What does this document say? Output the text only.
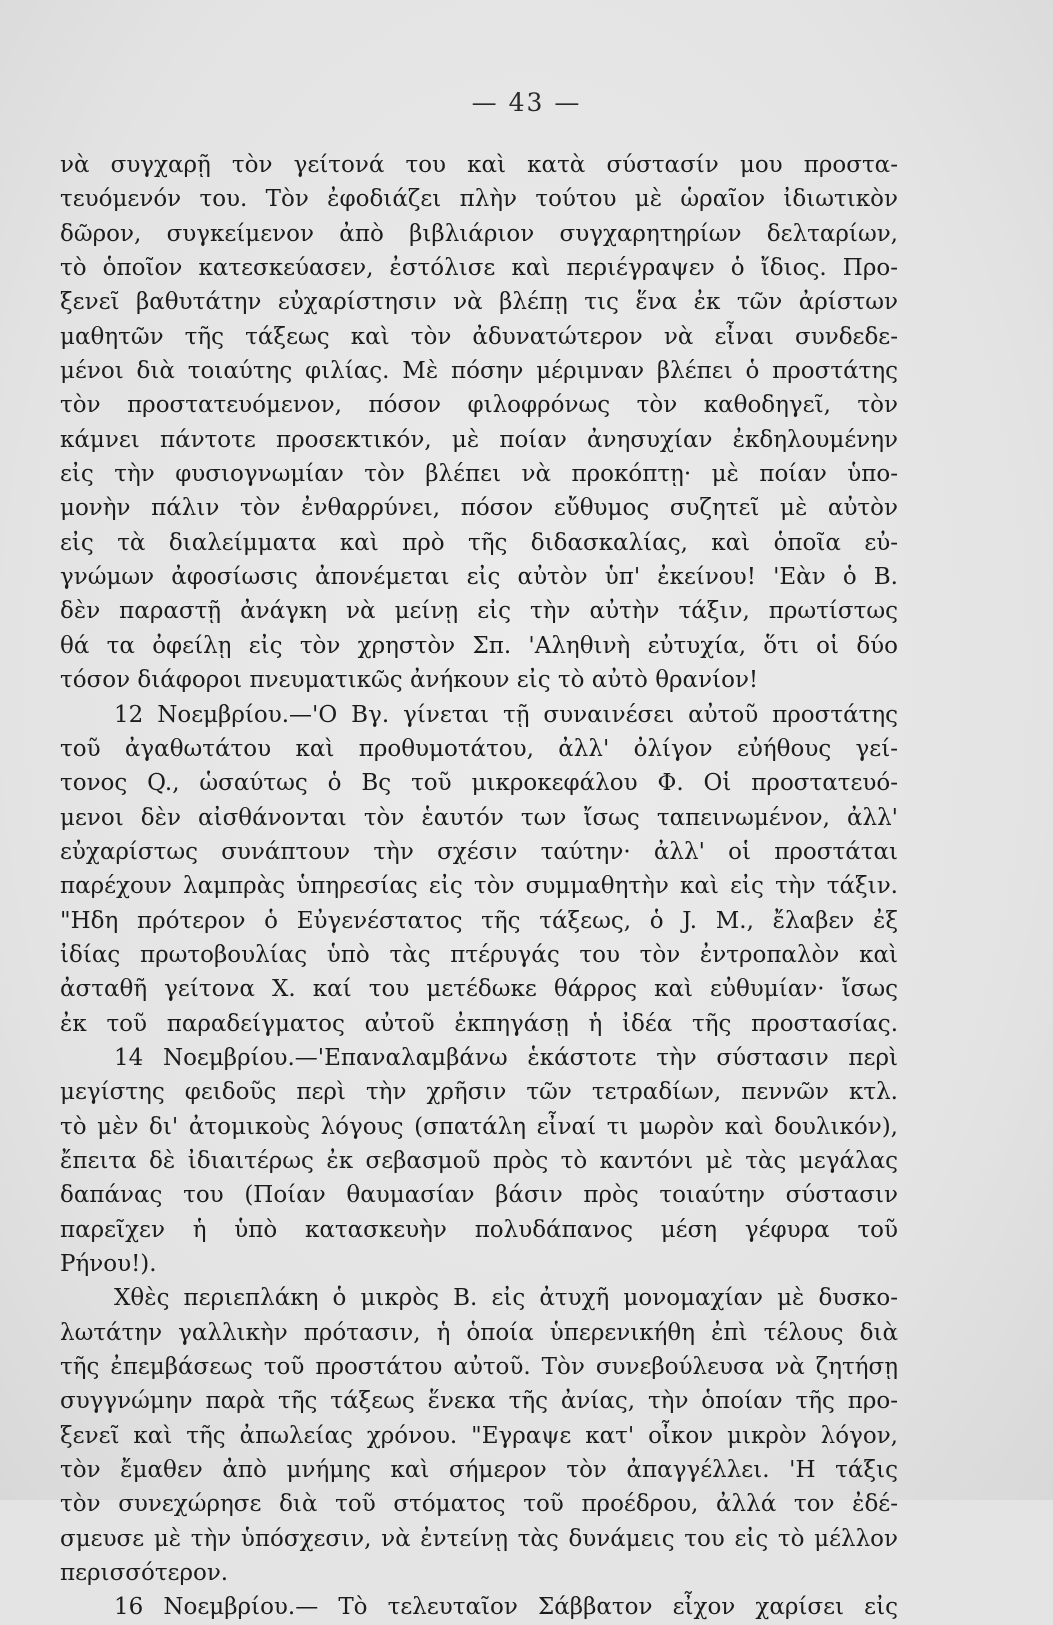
— 43 —
νὰ συγχαρῇ τὸν γείτονά του καὶ κατὰ σύστασίν μου προστα-
τευόμενόν του. Τὸν ἐφοδιάζει πλὴν τούτου μὲ ὡραῖον ἰδιωτικὸν
δῶρον, συγκείμενον ἀπὸ βιβλιάριον συγχαρητηρίων δελταρίων,
τὸ ὁποῖον κατεσκεύασεν, ἐστόλισε καὶ περιέγραψεν ὁ ἴδιος. Προ-
ξενεῖ βαθυτάτην εὐχαρίστησιν νὰ βλέπῃ τις ἕνα ἐκ τῶν ἀρίστων
μαθητῶν τῆς τάξεως καὶ τὸν ἀδυνατώτερον νὰ εἶναι συνδεδε-
μένοι διὰ τοιαύτης φιλίας. Μὲ πόσην μέριμναν βλέπει ὁ προστάτης
τὸν προστατευόμενον, πόσον φιλοφρόνως τὸν καθοδηγεῖ, τὸν
κάμνει πάντοτε προσεκτικόν, μὲ ποίαν ἀνησυχίαν ἐκδηλουμένην
εἰς τὴν φυσιογνωμίαν τὸν βλέπει νὰ προκόπτῃ· μὲ ποίαν ὑπο-
μονὴν πάλιν τὸν ἐνθαρρύνει, πόσον εὔθυμος συζητεῖ μὲ αὐτὸν
εἰς τὰ διαλείμματα καὶ πρὸ τῆς διδασκαλίας, καὶ ὁποῖα εὐ-
γνώμων ἀφοσίωσις ἀπονέμεται εἰς αὐτὸν ὑπ' ἐκείνου! 'Εὰν ὁ Β.
δὲν παραστῇ ἀνάγκη νὰ μείνῃ εἰς τὴν αὐτὴν τάξιν, πρωτίστως
θά τα ὀφείλῃ εἰς τὸν χρηστὸν Σπ. 'Αληθινὴ εὐτυχία, ὅτι οἱ δύο
τόσον διάφοροι πνευματικῶς ἀνήκουν εἰς τὸ αὐτὸ θρανίον!
12 Νοεμβρίου.—'Ο Βγ. γίνεται τῇ συναινέσει αὐτοῦ προστάτης
τοῦ ἀγαθωτάτου καὶ προθυμοτάτου, ἀλλ' ὀλίγον εὐήθους γεί-
τονος Q., ὡσαύτως ὁ Βς τοῦ μικροκεφάλου Φ. Οἱ προστατευό-
μενοι δὲν αἰσθάνονται τὸν ἑαυτόν των ἴσως ταπεινωμένον, ἀλλ'
εὐχαρίστως συνάπτουν τὴν σχέσιν ταύτην· ἀλλ' οἱ προστάται
παρέχουν λαμπρὰς ὑπηρεσίας εἰς τὸν συμμαθητὴν καὶ εἰς τὴν τάξιν.
"Ηδη πρότερον ὁ Εὐγενέστατος τῆς τάξεως, ὁ J. Μ., ἔλαβεν ἐξ
ἰδίας πρωτοβουλίας ὑπὸ τὰς πτέρυγάς του τὸν ἐντροπαλὸν καὶ
ἀσταθῆ γείτονα Χ. καί του μετέδωκε θάρρος καὶ εὐθυμίαν· ἴσως
ἐκ τοῦ παραδείγματος αὐτοῦ ἐκπηγάσῃ ἡ ἰδέα τῆς προστασίας.
14 Νοεμβρίου.—'Επαναλαμβάνω ἑκάστοτε τὴν σύστασιν περὶ
μεγίστης φειδοῦς περὶ τὴν χρῆσιν τῶν τετραδίων, πεννῶν κτλ.
τὸ μὲν δι' ἀτομικοὺς λόγους (σπατάλη εἶναί τι μωρὸν καὶ δουλικόν),
ἔπειτα δὲ ἰδιαιτέρως ἐκ σεβασμοῦ πρὸς τὸ καντόνι μὲ τὰς μεγάλας
δαπάνας του (Ποίαν θαυμασίαν βάσιν πρὸς τοιαύτην σύστασιν
παρεῖχεν ἡ ὑπὸ κατασκευὴν πολυδάπανος μέση γέφυρα τοῦ
Ρήνου!).
Χθὲς περιεπλάκη ὁ μικρὸς Β. εἰς ἀτυχῆ μονομαχίαν μὲ δυσκο-
λωτάτην γαλλικὴν πρότασιν, ἡ ὁποία ὑπερενικήθη ἐπὶ τέλους διὰ
τῆς ἐπεμβάσεως τοῦ προστάτου αὐτοῦ. Τὸν συνεβούλευσα νὰ ζητήσῃ
συγγνώμην παρὰ τῆς τάξεως ἕνεκα τῆς ἀνίας, τὴν ὁποίαν τῆς προ-
ξενεῖ καὶ τῆς ἀπωλείας χρόνου. "Εγραψε κατ' οἶκον μικρὸν λόγον,
τὸν ἔμαθεν ἀπὸ μνήμης καὶ σήμερον τὸν ἀπαγγέλλει. 'Η τάξις
τὸν συνεχώρησε διὰ τοῦ στόματος τοῦ προέδρου, ἀλλά τον ἐδέ-
σμευσε μὲ τὴν ὑπόσχεσιν, νὰ ἐντείνῃ τὰς δυνάμεις του εἰς τὸ μέλλον
περισσότερον.
16 Νοεμβρίου.— Τὸ τελευταῖον Σάββατον εἶχον χαρίσει εἰς
